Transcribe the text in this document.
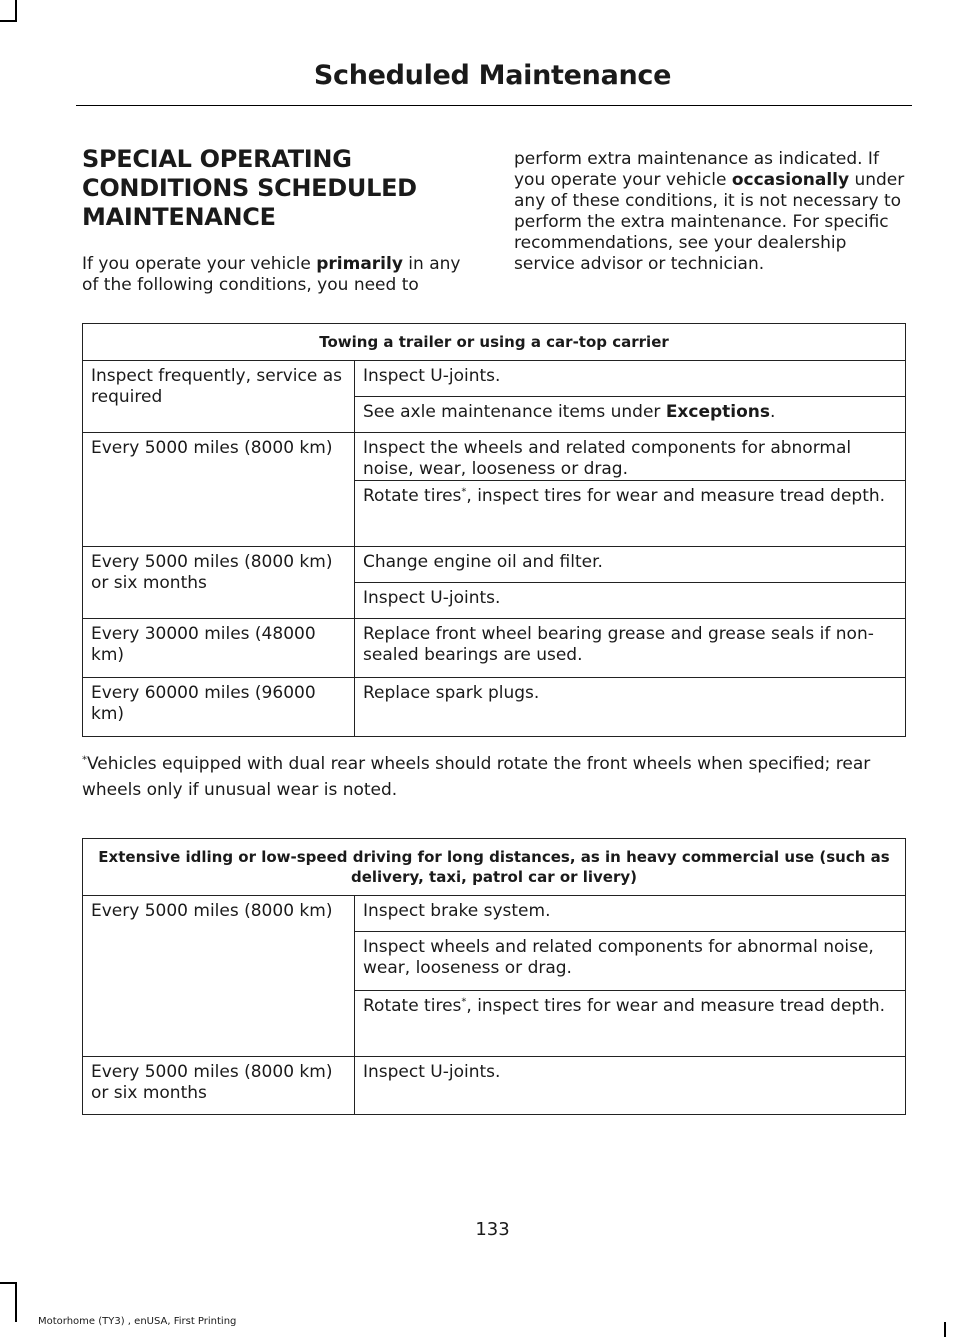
Scheduled Maintenance
SPECIAL OPERATING
CONDITIONS SCHEDULED
MAINTENANCE

If you operate your vehicle primarily in any of the following conditions, you need to

perform extra maintenance as indicated. If you operate your vehicle occasionally under any of these conditions, it is not necessary to perform the extra maintenance. For specific recommendations, see your dealership service advisor or technician.

Towing a trailer or using a car-top carrier	
Inspect frequently, service as required	Inspect U-joints.
	See axle maintenance items under Exceptions.
Every 5000 miles (8000 km)	Inspect the wheels and related components for abnormal noise, wear, looseness or drag.
	Rotate tires*, inspect tires for wear and measure tread depth.
Every 5000 miles (8000 km) or six months	Change engine oil and filter.
	Inspect U-joints.
Every 30000 miles (48000 km)	Replace front wheel bearing grease and grease seals if non-sealed bearings are used.
Every 60000 miles (96000 km)	Replace spark plugs.

*Vehicles equipped with dual rear wheels should rotate the front wheels when specified; rear wheels only if unusual wear is noted.

Extensive idling or low-speed driving for long distances, as in heavy commercial use (such as delivery, taxi, patrol car or livery)	
Every 5000 miles (8000 km)	Inspect brake system.
	Inspect wheels and related components for abnormal noise, wear, looseness or drag.
	Rotate tires*, inspect tires for wear and measure tread depth.
Every 5000 miles (8000 km) or six months	Inspect U-joints.
133
Motorhome (TY3) , enUSA, First Printing
